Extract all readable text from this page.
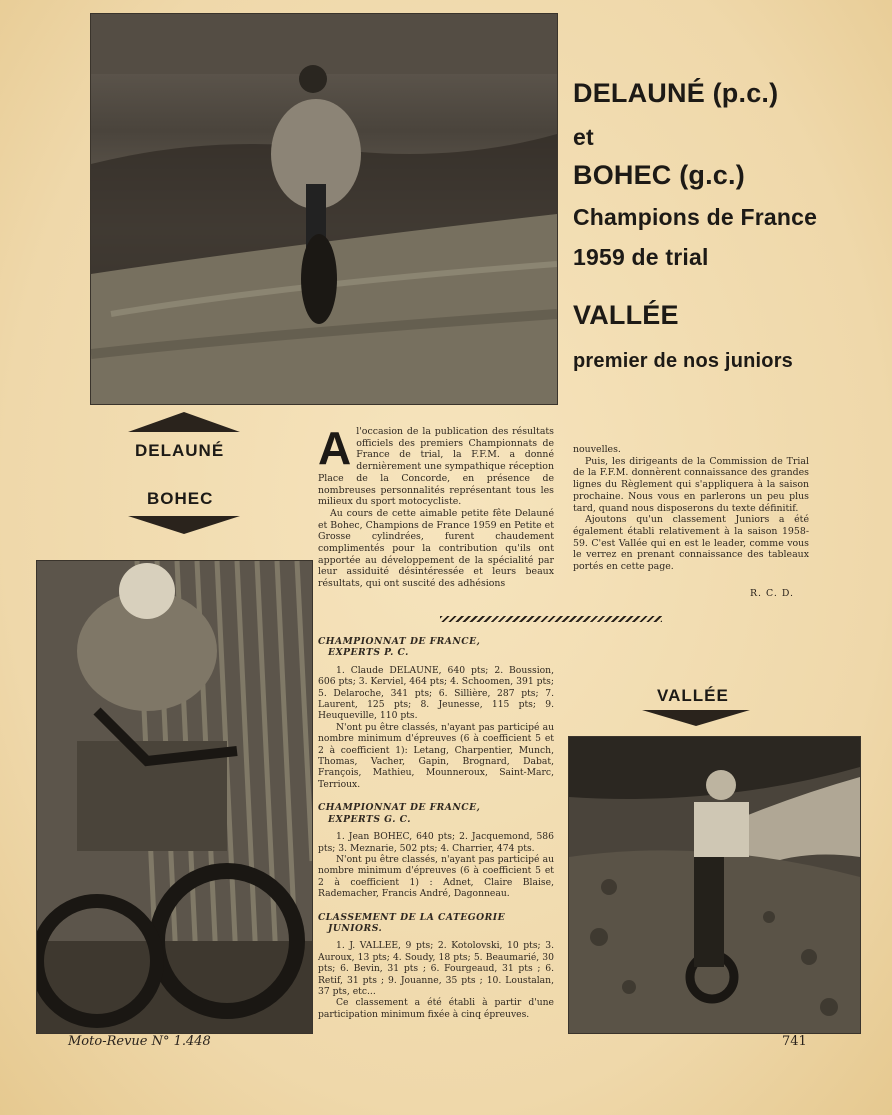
DELAUNÉ (p.c.)
et
BOHEC (g.c.)
Champions de France
1959 de trial
VALLÉE
premier de nos juniors
DELAUNÉ
BOHEC
VALLÉE
A l'occasion de la publication des résultats officiels des premiers Championnats de France de trial, la F.F.M. a donné dernièrement une sympathique réception Place de la Concorde, en présence de nombreuses personnalités représentant tous les milieux du sport motocycliste.

Au cours de cette aimable petite fête Delauné et Bohec, Champions de France 1959 en Petite et Grosse cylindrées, furent chaudement complimentés pour la contribution qu'ils ont apportée au développement de la spécialité par leur assiduité désintéressée et leurs beaux résultats, qui ont suscité des adhésions

nouvelles.

Puis, les dirigeants de la Commission de Trial de la F.F.M. donnèrent connaissance des grandes lignes du Règlement qui s'appliquera à la saison prochaine. Nous vous en parlerons un peu plus tard, quand nous disposerons du texte définitif.

Ajoutons qu'un classement Juniors a été également établi relativement à la saison 1958-59. C'est Vallée qui en est le leader, comme vous le verrez en prenant connaissance des tableaux portés en cette page.

R. C. D.
CHAMPIONNAT DE FRANCE,
EXPERTS P. C.

1. Claude DELAUNE, 640 pts; 2. Boussion, 606 pts; 3. Kerviel, 464 pts; 4. Schoomen, 391 pts; 5. Delaroche, 341 pts; 6. Sillière, 287 pts; 7. Laurent, 125 pts; 8. Jeunesse, 115 pts; 9. Heuqueville, 110 pts.

N'ont pu être classés, n'ayant pas participé au nombre minimum d'épreuves (6 à coefficient 5 et 2 à coefficient 1): Letang, Charpentier, Munch, Thomas, Vacher, Gapin, Brognard, Dabat, François, Mathieu, Mounneroux, Saint-Marc, Terrioux.

CHAMPIONNAT DE FRANCE,
EXPERTS G. C.

1. Jean BOHEC, 640 pts; 2. Jacquemond, 586 pts; 3. Meznarie, 502 pts; 4. Charrier, 474 pts.

N'ont pu être classés, n'ayant pas participé au nombre minimum d'épreuves (6 à coefficient 5 et 2 à coefficient 1) : Adnet, Claire Blaise, Rademacher, Francis André, Dagonneau.

CLASSEMENT DE LA CATEGORIE
JUNIORS.

1. J. VALLEE, 9 pts; 2. Kotolovski, 10 pts; 3. Auroux, 13 pts; 4. Soudy, 18 pts; 5. Beaumarié, 30 pts; 6. Bevin, 31 pts ; 6. Fourgeaud, 31 pts ; 6. Retif, 31 pts ; 9. Jouanne, 35 pts ; 10. Loustalan, 37 pts, etc...

Ce classement a été établi à partir d'une participation minimum fixée à cinq épreuves.

Moto-Revue N° 1.448	741
